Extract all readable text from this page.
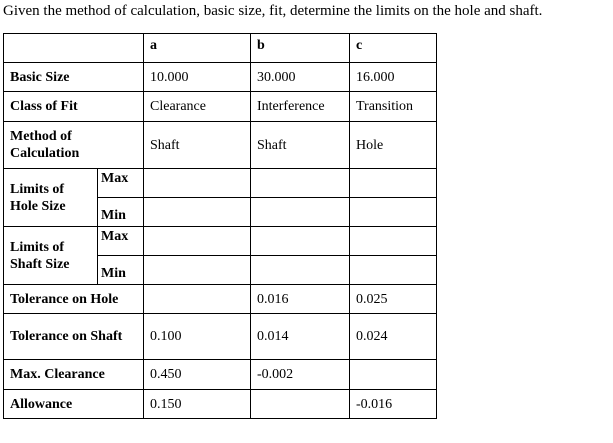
Given the method of calculation, basic size, fit, determine the limits on the hole and shaft.
		a	b	c
Basic Size		10.000	30.000	16.000
Class of Fit		Clearance	Interference	Transition
Method of Calculation		Shaft	Shaft	Hole
Limits of Hole Size	Max			
	Min			
Limits of Shaft Size	Max			
	Min			
Tolerance on Hole			0.016	0.025
Tolerance on Shaft		0.100	0.014	0.024
Max. Clearance		0.450	-0.002	
Allowance		0.150		-0.016
